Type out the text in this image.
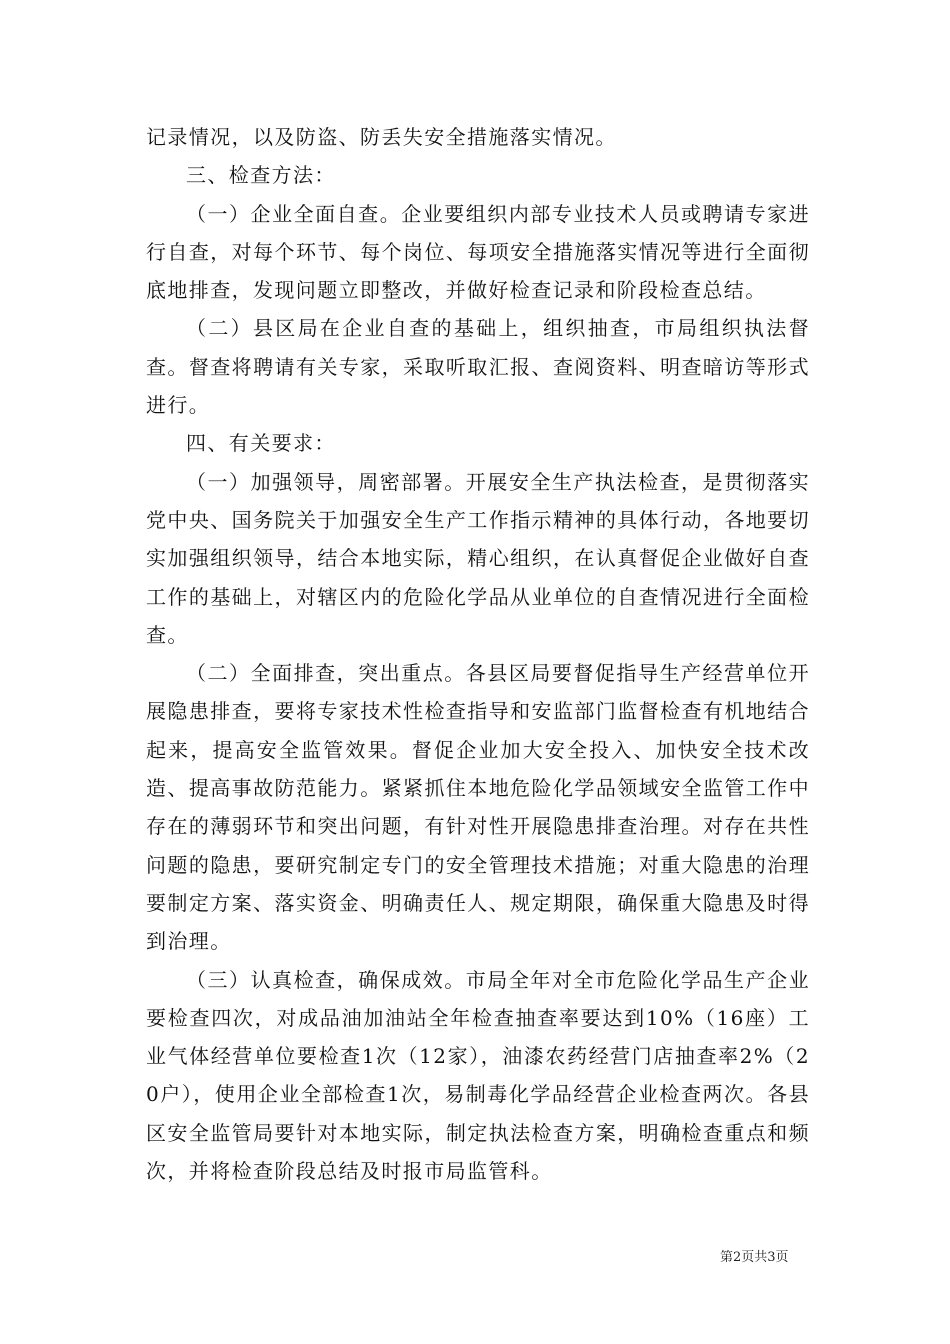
记录情况，以及防盗、防丢失安全措施落实情况。

三、检查方法：

（一）企业全面自查。企业要组织内部专业技术人员或聘请专家进行自查，对每个环节、每个岗位、每项安全措施落实情况等进行全面彻底地排查，发现问题立即整改，并做好检查记录和阶段检查总结。

（二）县区局在企业自查的基础上，组织抽查，市局组织执法督查。督查将聘请有关专家，采取听取汇报、查阅资料、明查暗访等形式进行。

四、有关要求：

（一）加强领导，周密部署。开展安全生产执法检查，是贯彻落实党中央、国务院关于加强安全生产工作指示精神的具体行动，各地要切实加强组织领导，结合本地实际，精心组织，在认真督促企业做好自查工作的基础上，对辖区内的危险化学品从业单位的自查情况进行全面检查。

（二）全面排查，突出重点。各县区局要督促指导生产经营单位开展隐患排查，要将专家技术性检查指导和安监部门监督检查有机地结合起来，提高安全监管效果。督促企业加大安全投入、加快安全技术改造、提高事故防范能力。紧紧抓住本地危险化学品领域安全监管工作中存在的薄弱环节和突出问题，有针对性开展隐患排查治理。对存在共性问题的隐患，要研究制定专门的安全管理技术措施；对重大隐患的治理要制定方案、落实资金、明确责任人、规定期限，确保重大隐患及时得到治理。

（三）认真检查，确保成效。市局全年对全市危险化学品生产企业要检查四次，对成品油加油站全年检查抽查率要达到10%（16座）工业气体经营单位要检查1次（12家），油漆农药经营门店抽查率2%（20户），使用企业全部检查1次，易制毒化学品经营企业检查两次。各县区安全监管局要针对本地实际，制定执法检查方案，明确检查重点和频次，并将检查阶段总结及时报市局监管科。

第2页共3页
